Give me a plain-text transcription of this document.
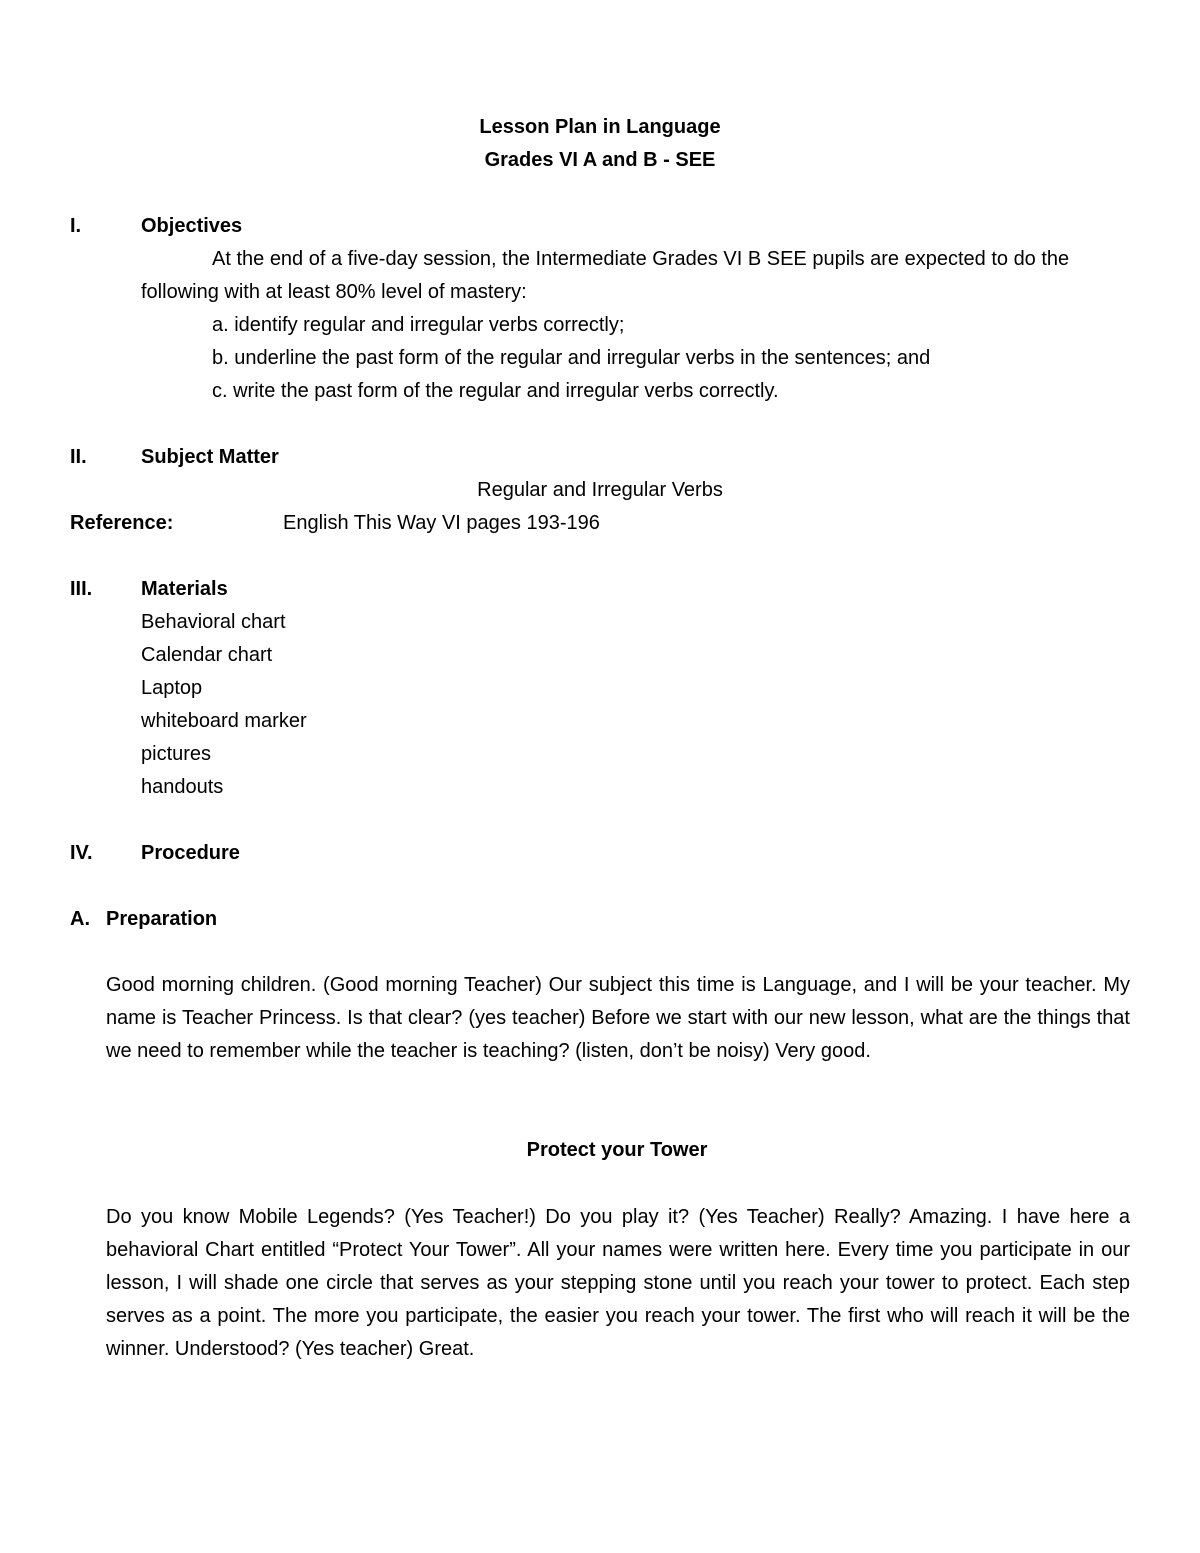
Lesson Plan in Language
Grades VI A and B - SEE
I.	Objectives
At the end of a five-day session, the Intermediate Grades VI B SEE pupils are expected to do the
following with at least 80% level of mastery:
a. identify regular and irregular verbs correctly;
b. underline the past form of the regular and irregular verbs in the sentences; and
c. write the past form of the regular and irregular verbs correctly.
II.	Subject Matter
Regular and Irregular Verbs
Reference:	English This Way VI pages 193-196
III. Materials
Behavioral chart
Calendar chart
Laptop
whiteboard marker
pictures
handouts
IV. Procedure
A. Preparation
Good morning children. (Good morning Teacher) Our subject this time is Language, and I will be your teacher. My name is Teacher Princess. Is that clear? (yes teacher) Before we start with our new lesson, what are the things that we need to remember while the teacher is teaching? (listen, don’t be noisy) Very good.
Protect your Tower
Do you know Mobile Legends? (Yes Teacher!) Do you play it? (Yes Teacher) Really? Amazing. I have here a behavioral Chart entitled “Protect Your Tower”. All your names were written here. Every time you participate in our lesson, I will shade one circle that serves as your stepping stone until you reach your tower to protect. Each step serves as a point. The more you participate, the easier you reach your tower. The first who will reach it will be the winner. Understood? (Yes teacher) Great.
